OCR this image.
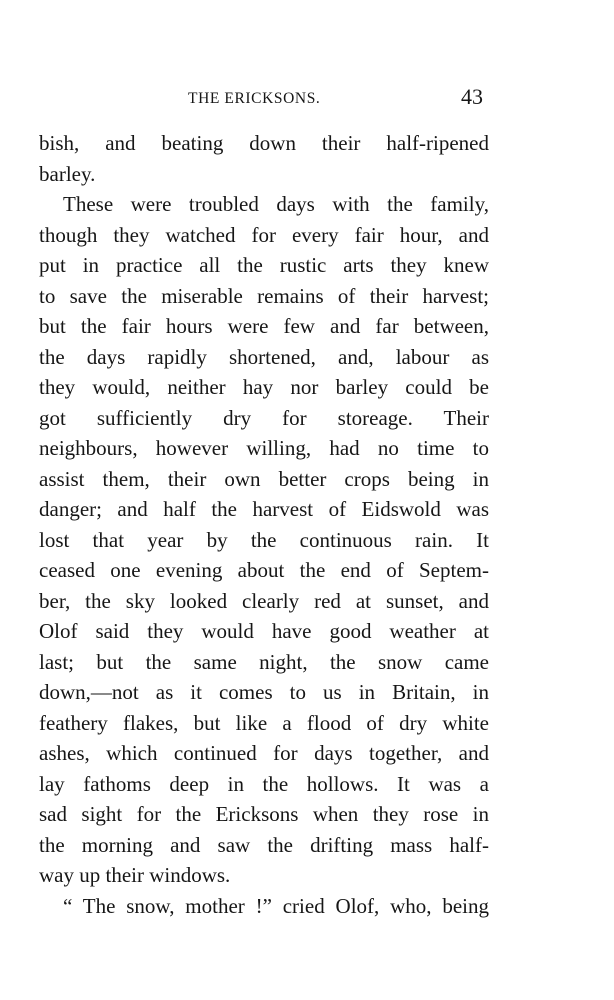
THE ERICKSONS.	43
bish, and beating down their half-ripened
barley.
These were troubled days with the family,
though they watched for every fair hour, and
put in practice all the rustic arts they knew
to save the miserable remains of their harvest;
but the fair hours were few and far between,
the days rapidly shortened, and, labour as
they would, neither hay nor barley could be
got sufficiently dry for storeage. Their
neighbours, however willing, had no time to
assist them, their own better crops being in
danger; and half the harvest of Eidswold was
lost that year by the continuous rain. It
ceased one evening about the end of Septem-
ber, the sky looked clearly red at sunset, and
Olof said they would have good weather at
last; but the same night, the snow came
down,—not as it comes to us in Britain, in
feathery flakes, but like a flood of dry white
ashes, which continued for days together, and
lay fathoms deep in the hollows. It was a
sad sight for the Ericksons when they rose in
the morning and saw the drifting mass half-
way up their windows.
“ The snow, mother !” cried Olof, who, being
